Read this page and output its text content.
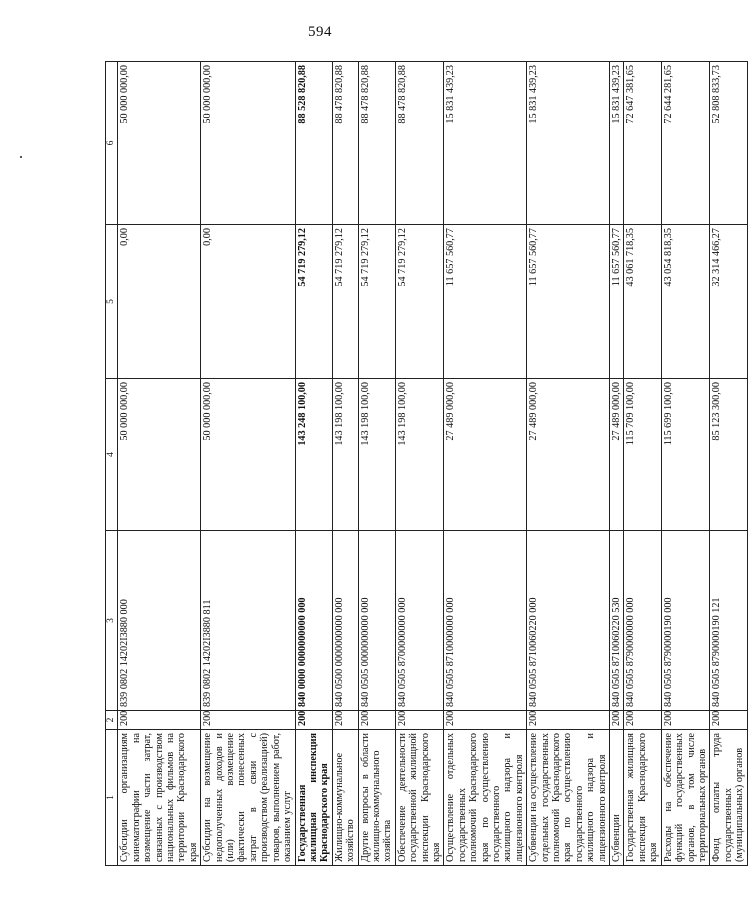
594
1	2	3	4	5	6
Субсидии организациям кинематографии на возмещение части затрат, связанных с производством национальных фильмов на территории Краснодарского края	200	839 0802 14202I3880 000	50 000 000,00	0,00	50 000 000,00
Субсидии на возмещение недополученных доходов и (или) возмещение фактически понесенных затрат в связи с производством (реализацией) товаров, выполнением работ, оказанием услуг	200	839 0802 14202I3880 811	50 000 000,00	0,00	50 000 000,00
Государственная жилищная инспекция Краснодарского края	200	840 0000 0000000000 000	143 248 100,00	54 719 279,12	88 528 820,88
Жилищно-коммунальное хозяйство	200	840 0500 0000000000 000	143 198 100,00	54 719 279,12	88 478 820,88
Другие вопросы в области жилищно-коммунального хозяйства	200	840 0505 0000000000 000	143 198 100,00	54 719 279,12	88 478 820,88
Обеспечение деятельности государственной жилищной инспекции Краснодарского края	200	840 0505 8700000000 000	143 198 100,00	54 719 279,12	88 478 820,88
Осуществление отдельных государственных полномочий Краснодарского края по осуществлению государственного жилищного надзора и лицензионного контроля	200	840 0505 8710000000 000	27 489 000,00	11 657 560,77	15 831 439,23
Субвенции на осуществление отдельных государственных полномочий Краснодарского края по осуществлению государственного жилищного надзора и лицензионного контроля	200	840 0505 8710060220 000	27 489 000,00	11 657 560,77	15 831 439,23
Субвенции	200	840 0505 8710060220 530	27 489 000,00	11 657 560,77	15 831 439,23
Государственная жилищная инспекция Краснодарского края	200	840 0505 8790000000 000	115 709 100,00	43 061 718,35	72 647 381,65
Расходы на обеспечение функций государственных органов, в том числе территориальных органов	200	840 0505 8790000190 000	115 699 100,00	43 054 818,35	72 644 281,65
Фонд оплаты труда государственных (муниципальных) органов	200	840 0505 8790000190 121	85 123 300,00	32 314 466,27	52 808 833,73
